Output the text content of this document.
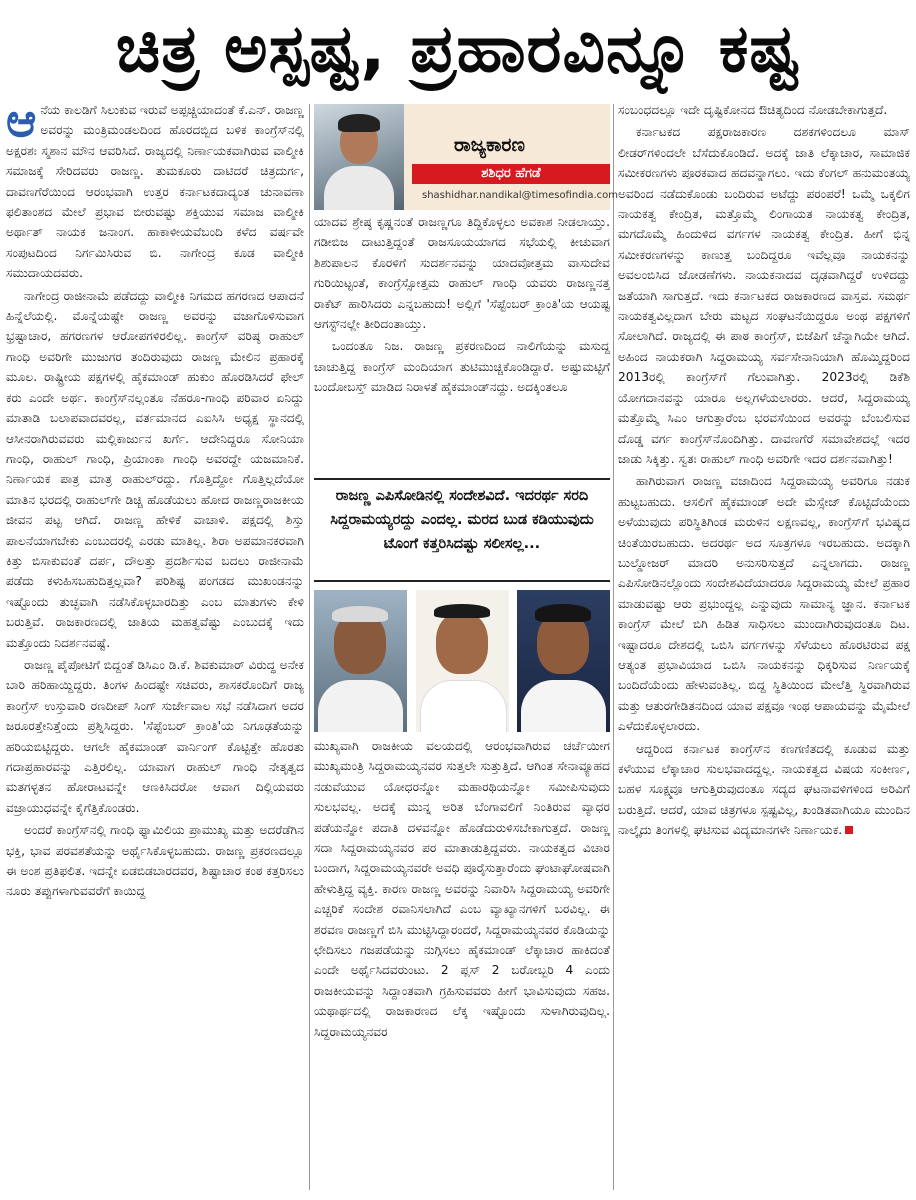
ಚಿತ್ರ ಅಸ್ಪಷ್ಟ, ಪ್ರಹಾರವಿನ್ನೂ ಕಷ್ಟ

ಆನೆಯ ಕಾಲಡಿಗೆ ಸಿಲುಕುವ ಇರುವೆ ಅಪ್ಪಚ್ಚಿಯಾದಂತೆ ಕೆ.ಎನ್. ರಾಜಣ್ಣ ಅವರನ್ನು ಮಂತ್ರಿಮಂಡಲದಿಂದ ಹೊರದಬ್ಬಿದ ಬಳಿಕ ಕಾಂಗ್ರೆಸ್‌ನಲ್ಲಿ ಅಕ್ಷರಶಃ ಸ್ಮಶಾನ ಮೌನ ಆವರಿಸಿದೆ. ರಾಜ್ಯದಲ್ಲಿ ನಿರ್ಣಾಯಕವಾಗಿರುವ ವಾಲ್ಮೀಕಿ ಸಮಾಜಕ್ಕೆ ಸೇರಿದವರು ರಾಜಣ್ಣ. ತುಮಕೂರು ದಾಟಿದರೆ ಚಿತ್ರದುರ್ಗ, ದಾವಣಗೆರೆಯಿಂದ ಆರಂಭವಾಗಿ ಉತ್ತರ ಕರ್ನಾಟಕದಾದ್ಯಂತ ಚುನಾವಣಾ ಫಲಿತಾಂಶದ ಮೇಲೆ ಪ್ರಭಾವ ಬೀರುವಷ್ಟು ಶಕ್ತಿಯುವ ಸಮಾಜ ವಾಲ್ಮೀಕಿ ಅರ್ಥಾತ್ ನಾಯಕ ಜನಾಂಗ. ಹಾಕಾಳೀಯವೆಬಂದಿ ಕಳೆದ ವರ್ಷವೇ ಸಂಪುಟದಿಂದ ನಿರ್ಗಮಿಸಿರುವ ಬಿ. ನಾಗೇಂದ್ರ ಕೂಡ ವಾಲ್ಮೀಕಿ ಸಮುದಾಯದವರು.

ನಾಗೇಂದ್ರ ರಾಜೀನಾಮೆ ಪಡೆದದ್ದು ವಾಲ್ಮೀಕಿ ನಿಗಮದ ಹಗರಣದ ಆಪಾದನೆ ಹಿನ್ನೆಲೆಯಲ್ಲಿ. ಮೊನ್ನೆಯಷ್ಟೇ ರಾಜಣ್ಣ ಅವರನ್ನು ವಜಾಗೊಳಿಸುವಾಗ ಭ್ರಷ್ಟಾಚಾರ, ಹಗರಣಗಳ ಆರೋಪಗಳಿರಲಿಲ್ಲ. ಕಾಂಗ್ರೆಸ್ ವರಿಷ್ಠ ರಾಹುಲ್ ಗಾಂಧಿ ಅವರಿಗೇ ಮುಜುಗರ ತಂದಿರುವುದು ರಾಜಣ್ಣ ಮೇಲಿನ ಪ್ರಹಾರಕ್ಕೆ ಮೂಲ. ರಾಷ್ಟ್ರೀಯ ಪಕ್ಷಗಳಲ್ಲಿ ಹೈಕಮಾಂಡ್ ಹುಕುಂ ಹೊರಡಿಸಿದರೆ ಫೇಲ್ ಕರು ಎಂದೇ ಅರ್ಥ. ಕಾಂಗ್ರೆಸ್‌ನಲ್ಲಂತೂ ನೆಹರೂ-ಗಾಂಧಿ ಪರಿವಾರ ಏನಿದ್ದು ಮಾತಾಡಿ ಬಲಾಪವಾದವರಲ್ಲ, ವರ್ತಮಾನದ ಎಐಸಿಸಿ ಅಧ್ಯಕ್ಷ ಸ್ಥಾನದಲ್ಲಿ ಆಸೀನರಾಗಿರುವವರು ಮಲ್ಲಿಕಾರ್ಜುನ ಖರ್ಗೆ. ಆದೇನಿದ್ದರೂ ಸೋನಿಯಾ ಗಾಂಧಿ, ರಾಹುಲ್ ಗಾಂಧಿ, ಪ್ರಿಯಾಂಕಾ ಗಾಂಧಿ ಅವರದ್ದೇ ಯಜಮಾನಿಕೆ. ನಿರ್ಣಾಯಕ ಪಾತ್ರ ಮಾತ್ರ ರಾಹುಲ್‌ರದ್ದು. ಗೊತ್ತಿದ್ದೋ ಗೊತ್ತಿಲ್ಲದೆಯೋ ಮಾತಿನ ಭರದಲ್ಲಿ ರಾಹುಲ್‌ಗೇ ಡಿಚ್ಚಿ ಹೊಡೆಯಲು ಹೋದ ರಾಜಣ್ಣರಾಜಕೀಯ ಜೀವನ ಪಟ್ಟ ಆಗಿದೆ. ರಾಜಣ್ಣ ಹೇಳಿಕೆ ವಾಚಾಳಿ. ಪಕ್ಷದಲ್ಲಿ ಶಿಸ್ತು ಪಾಲನೆಯಾಗಬೇಕು ಎಂಬುದರಲ್ಲಿ ಎರಡು ಮಾತಿಲ್ಲ. ಶಿರಾ ಅಪಮಾನಕರವಾಗಿ ಕಿತ್ತು ಬಿಸಾಕುವಂತೆ ದರ್ಪ, ದೌಲತ್ತು ಪ್ರದರ್ಶಿಸುವ ಬದಲು ರಾಜೀನಾಮೆ ಪಡೆದು ಕಳುಹಿಸಬಹುದಿತ್ತಲ್ಲವಾ? ಪರಿಶಿಷ್ಟ ಪಂಗಡದ ಮುಖಂಡನನ್ನು ಇಷ್ಟೊಂದು ತುಚ್ಛವಾಗಿ ನಡೆಸಿಕೊಳ್ಳಬಾರದಿತ್ತು ಎಂಬ ಮಾತುಗಳು ಕೇಳಿ ಬರುತ್ತಿವೆ. ರಾಜಕಾರಣದಲ್ಲಿ ಜಾತಿಯ ಮಹತ್ವವೆಷ್ಟು ಎಂಬುದಕ್ಕೆ ಇದು ಮತ್ತೊಂದು ನಿದರ್ಶನವಷ್ಟೆ.

ರಾಜಣ್ಣ ಪೈಪೋಟಿಗೆ ಬಿದ್ದಂತೆ ಡಿಸಿಎಂ ಡಿ.ಕೆ. ಶಿವಕುಮಾರ್ ವಿರುದ್ಧ ಅನೇಕ ಬಾರಿ ಹರಿಹಾಯ್ದಿದ್ದರು. ತಿಂಗಳ ಹಿಂದಷ್ಟೇ ಸಚಿವರು, ಶಾಸಕರೊಂದಿಗೆ ರಾಜ್ಯ ಕಾಂಗ್ರೆಸ್ ಉಸ್ತುವಾರಿ ರಣದೀಪ್ ಸಿಂಗ್ ಸುರ್ಜೇವಾಲ ಸಭೆ ನಡೆಸಿದಾಗ ಅದರ ಜರೂರತ್ತೇನಿತ್ತೆಂದು ಪ್ರಶ್ನಿಸಿದ್ದರು. 'ಸೆಪ್ಟೆಂಬರ್ ಕ್ರಾಂತಿ'ಯ ನಿಗೂಢತೆಯನ್ನು ಹರಿಯಬಿಟ್ಟಿದ್ದರು. ಆಗಲೇ ಹೈಕಮಾಂಡ್ ವಾರ್ನಿಂಗ್ ಕೊಟ್ಟಿತ್ತೇ ಹೊರತು ಗದಾಪ್ರಹಾರವನ್ನು ಎತ್ತಿರಲಿಲ್ಲ. ಯಾವಾಗ ರಾಹುಲ್ ಗಾಂಧಿ ನೇತೃತ್ವದ ಮತಗಳ್ಳತನ ಹೋರಾಟವನ್ನೇ ಆಣಕಿಸಿದರೋ ಆವಾಗ ದಿಲ್ಲಿಯವರು ವಜ್ರಾಯುಧವನ್ನೇ ಕೈಗೆತ್ತಿಕೊಂಡರು.

ಅಂದರೆ ಕಾಂಗ್ರೆಸ್‌ನಲ್ಲಿ ಗಾಂಧಿ ಫ್ಯಾಮಿಲಿಯ ಪ್ರಾಮುಖ್ಯ ಮತ್ತು ಅದರೆಡೆಗಿನ ಭಕ್ತಿ, ಭಾವ ಪರವಶತೆಯನ್ನು ಅರ್ಥೈಸಿಕೊಳ್ಳಬಹುದು. ರಾಜಣ್ಣ ಪ್ರಕರಣದಲ್ಲೂ ಈ ಅಂಶ ಪ್ರತಿಫಲಿತ. ಇದನ್ನೇ ಏಡಬಿಡಬಾರದವರ, ಶಿಷ್ಟಾಚಾರ ಕಂಠ ಕತ್ತರಿಸಲು ನೂರು ತಪ್ಪುಗಳಾಗುವವರೆಗೆ ಕಾಯಿದ್ದ

ರಾಜ್ಯಕಾರಣ
ಶಶಿಧರ ಹೆಗಡೆ
shashidhar.nandikal@timesofindia.com

ಯಾದವ ಶ್ರೇಷ್ಠ ಕೃಷ್ಣನಂತೆ ರಾಜಣ್ಣಗೂ ತಿದ್ದಿಕೊಳ್ಳಲು ಅವಕಾಶ ನೀಡಲಾಯ್ತು. ಗಡೀಬಿಜ ದಾಟುತ್ತಿದ್ದಂತೆ ರಾಜಸೂಯಯಾಗದ ಸಭೆಯಲ್ಲಿ ಕೀಚುವಾಗ ಶಿಶುಪಾಲನ ಕೊರಳಿಗೆ ಸುದರ್ಶನವನ್ನು ಯಾದವೋತ್ತಮ ವಾಸುದೇವ ಗುರಿಯಿಟ್ಟಂತೆ, ಕಾಂಗ್ರೆಸ್ಸೋತ್ತಮ ರಾಹುಲ್ ಗಾಂಧಿ ಯವರು ರಾಜಣ್ಣನತ್ತ ರಾಕೆಟ್ ಹಾರಿಸಿದರು ಎನ್ನಬಹುದು! ಅಲ್ಲಿಗೆ 'ಸೆಪ್ಟೆಂಬರ್ ಕ್ರಾಂತಿ'ಯ ಆಯಷ್ಟ ಆಗಸ್ಟ್‌ನಲ್ಲೇ ತೀರಿದಂತಾಯ್ತು.

ಒಂದಂತೂ ನಿಜ. ರಾಜಣ್ಣ ಪ್ರಕರಣದಿಂದ ನಾಲಿಗೆಯನ್ನು ಮಸುದ್ದ ಚಾಚುತ್ತಿದ್ದ ಕಾಂಗ್ರೆಸ್ ಮಂದಿಯಾಗ ತುಟಿಮುಚ್ಚಿಕೊಂಡಿದ್ದಾರೆ. ಅಷ್ಟುಮಟ್ಟಿಗೆ ಬಂದೋಬಸ್ತ್ ಮಾಡಿದ ನಿರಾಳತೆ ಹೈಕಮಾಂಡ್‌ನದ್ದು. ಅದಕ್ಕಿಂತಲೂ

ರಾಜಣ್ಣ ಎಪಿಸೋಡಿನಲ್ಲಿ ಸಂದೇಶವಿದೆ. ಇದರರ್ಥ ಸರದಿ ಸಿದ್ದರಾಮಯ್ಯರದ್ದು ಎಂದಲ್ಲ. ಮರದ ಬುಡ ಕಡಿಯುವುದು ಟೊಂಗೆ ಕತ್ತರಿಸಿದಷ್ಟು ಸಲೀಸಲ್ಲ...

ಮುಖ್ಯವಾಗಿ ರಾಜಕೀಯ ವಲಯದಲ್ಲಿ ಆರಂಭವಾಗಿರುವ ಚರ್ಚೆಯೀಗ ಮುಖ್ಯಮಂತ್ರಿ ಸಿದ್ದರಾಮಯ್ಯನವರ ಸುತ್ತಲೇ ಸುತ್ತುತ್ತಿದೆ. ಆಗಿಂತ ಸೇನಾವ್ಯೂಹದ ನಡುವೆಯುವ ಯೋಧರನ್ನೋ ಮಹಾರಥಿಯನ್ನೋ ಸಮೀಪಿಸುವುದು ಸುಲಭವಲ್ಲ. ಅದಕ್ಕೆ ಮುನ್ನ ಅರಿತ ಬೆಂಗಾವಲಿಗೆ ನಿಂತಿರುವ ವ್ಯಾಧರ ಪಡೆಯನ್ನೋ ಪದಾತಿ ದಳವನ್ನೋ ಹೊಡೆದುರುಳಿಸಬೇಕಾಗುತ್ತದೆ. ರಾಜಣ್ಣ ಸದಾ ಸಿದ್ದರಾಮಯ್ಯನವರ ಪರ ಮಾತಾಡುತ್ತಿದ್ದವರು. ನಾಯಕತ್ವದ ವಿಚಾರ ಬಂದಾಗ, ಸಿದ್ದರಾಮಯ್ಯನವರೇ ಅವಧಿ ಪೂರೈಸುತ್ತಾರೆಂದು ಘಂಟಾಘೋಷವಾಗಿ ಹೇಳುತ್ತಿದ್ದ ವ್ಯಕ್ತಿ. ಕಾರಣ ರಾಜಣ್ಣ ಅವರನ್ನು ನಿವಾರಿಸಿ ಸಿದ್ದರಾಮಯ್ಯ ಅವರಿಗೇ ಎಚ್ಚರಿಕೆ ಸಂದೇಶ ರವಾನಿಸಲಾಗಿದೆ ಎಂಬ ವ್ಯಾಖ್ಯಾನಗಳಿಗೆ ಬರವಿಲ್ಲ. ಈ ಶರವಣ ರಾಜಣ್ಣಗೆ ಬಿಸಿ ಮುಟ್ಟಿಸಿದ್ದಾರಂದರೆ, ಸಿದ್ದರಾಮಯ್ಯನವರ ಕೊಡಿಯನ್ನು ಛೇದಿಸಲು ಗಜಪಡೆಯನ್ನು ನುಗ್ಗಿಸಲು ಹೈಕಮಾಂಡ್ ಲೆಕ್ಕಾಚಾರ ಹಾಕಿದಂತೆ ಎಂದೇ ಅರ್ಥೈಸಿದವರುಂಟು. 2 ಪ್ಲಸ್ 2 ಬರೋಬ್ಬರಿ 4 ಎಂದು ರಾಜಕೀಯವನ್ನು ಸಿದ್ದಾಂತವಾಗಿ ಗ್ರಹಿಸುವವರು ಹೀಗೆ ಭಾವಿಸುವುದು ಸಹಜ. ಯಥಾರ್ಥದಲ್ಲಿ ರಾಜಕಾರಣದ ಲೆಕ್ಕ ಇಷ್ಟೊಂದು ಸುಳಾಗಿರುವುದಿಲ್ಲ. ಸಿದ್ದರಾಮಯ್ಯನವರ

ಸಂಬಂಧದಲ್ಲೂ ಇದೇ ದೃಷ್ಟಿಕೋನದ ಔಚಿತ್ಯದಿಂದ ನೋಡಬೇಕಾಗುತ್ತದೆ.

ಕರ್ನಾಟಕದ ಪಕ್ಷರಾಜಕಾರಣ ದಶಕಗಳಿಂದಲೂ ಮಾಸ್ ಲೀಡರ್‌ಗಳಿಂದಲೇ ಬೆಸೆದುಕೊಂಡಿದೆ. ಅದಕ್ಕೆ ಜಾತಿ ಲೆಕ್ಕಾಚಾರ, ಸಾಮಾಜಿಕ ಸಮೀಕರಣಗಳು ಪೂರಕವಾದ ಹದವನ್ನಾಗಲು. ಇದು ಕೆಂಗಲ್ ಹನುಮಂತಯ್ಯ ಅವರಿಂದ ನಡೆದುಕೊಂಡು ಬಂದಿರುವ ಅಟೆದ್ದು ಪರಂಪರೆ! ಒಮ್ಮೆ ಒಕ್ಕಲಿಗ ನಾಯಕತ್ವ ಕೇಂದ್ರಿತ, ಮತ್ತೊಮ್ಮೆ ಲಿಂಗಾಯತ ನಾಯಕತ್ವ ಕೇಂದ್ರಿತ, ಮಗದೊಮ್ಮೆ ಹಿಂದುಳಿದ ವರ್ಗಗಳ ನಾಯಕತ್ವ ಕೇಂದ್ರಿತ. ಹೀಗೆ ಭಿನ್ನ ಸಮೀಕರಣಗಳನ್ನು ಕಾಣುತ್ತ ಬಂದಿದ್ದರೂ ಇವೆಲ್ಲವೂ ನಾಯಕನನ್ನು ಅವಲಂಬಿಸಿದ ಜೋಡಣೆಗಳು. ನಾಯಕನಾದವ ದೃಢವಾಗಿದ್ದರೆ ಉಳಿದದ್ದು ಜತೆಯಾಗಿ ಸಾಗುತ್ತದೆ. ಇದು ಕರ್ನಾಟಕದ ರಾಜಕಾರಣದ ವಾಸ್ತವ. ಸಮರ್ಥ ನಾಯಕತ್ವವಿಲ್ಲದಾಗ ಬೇರು ಮಟ್ಟದ ಸಂಘಟನೆಯಿದ್ದರೂ ಅಂಥ ಪಕ್ಷಗಳಿಗೆ ಸೋಲಾಗಿದೆ. ರಾಜ್ಯದಲ್ಲಿ ಈ ಪಾಠ ಕಾಂಗ್ರೆಸ್, ಬಿಜೆಪಿಗೆ ಚೆನ್ನಾಗಿಯೇ ಆಗಿದೆ. ಅಹಿಂದ ನಾಯಕರಾಗಿ ಸಿದ್ದರಾಮಯ್ಯ ಸರ್ವಸೇನಾನಿಯಾಗಿ ಹೊಮ್ಮಿದ್ದರಿಂದ 2013ರಲ್ಲಿ ಕಾಂಗ್ರೆಸ್‌ಗೆ ಗೆಲುವಾಗಿತ್ತು. 2023ರಲ್ಲಿ ಡಿಕೆಶಿ ಯೋಗದಾನವನ್ನು ಯಾರೂ ಅಲ್ಲಗಳೆಯಲಾರರು. ಆದರೆ, ಸಿದ್ದರಾಮಯ್ಯ ಮತ್ತೊಮ್ಮೆ ಸಿಎಂ ಆಗುತ್ತಾರೆಂಬ ಭರವಸೆಯಿಂದ ಅವರನ್ನು ಬೆಂಬಲಿಸುವ ದೊಡ್ಡ ವರ್ಗ ಕಾಂಗ್ರೆಸ್‌ನೊಂದಿಗಿತ್ತು. ದಾವಣಗೆರೆ ಸಮಾವೇಶದಲ್ಲೆ ಇದರ ಜಾಡು ಸಿಕ್ಕಿತ್ತು. ಸ್ವತಃ ರಾಹುಲ್ ಗಾಂಧಿ ಅವರಿಗೇ ಇದರ ದರ್ಶನವಾಗಿತ್ತು!

ಹಾಗಿರುವಾಗ ರಾಜಣ್ಣ ವಜಾದಿಂದ ಸಿದ್ದರಾಮಯ್ಯ ಅವರಿಗೂ ನಡುಕ ಹುಟ್ಟಬಹುದು. ಆಸಲಿಗೆ ಹೈಕಮಾಂಡ್ ಅದೇ ಮೆಸ್ಸೇಜ್ ಕೊಟ್ಟಿದೆಯೆಂದು ಅಳೆಯುವುದು ಪರಿಸ್ಥಿತಿಗಿಂಡ ಮರುಳಿನ ಲಕ್ಷಣವಲ್ಲ, ಕಾಂಗ್ರೆಸ್‌ಗೆ ಭವಿಷ್ಯದ ಚಿಂತೆಯಿರಬಹುದು. ಅದರರ್ಥ ಅದ ಸೂತ್ರಗಳೂ ಇರಬಹುದು. ಅದಕ್ಕಾಗಿ ಬುಲ್ಡೋಜರ್ ಮಾದರಿ ಅನುಸರಿಸುತ್ತದೆ ಎನ್ನಲಾಗದು. ರಾಜಣ್ಣ ಎಪಿಸೋಡಿನಲ್ಲೊಂದು ಸಂದೇಶವಿದೆಯಾದರೂ ಸಿದ್ದರಾಮಯ್ಯ ಮೇಲೆ ಪ್ರಹಾರ ಮಾಡುವಷ್ಟು ಆರು ಪ್ರಭುಂದ್ದಲ್ಲ ಎನ್ನುವುದು ಸಾಮಾನ್ಯ ಜ್ಞಾನ. ಕರ್ನಾಟಕ ಕಾಂಗ್ರೆಸ್ ಮೇಲೆ ಬಿಗಿ ಹಿಡಿತ ಸಾಧಿಸಲು ಮುಂದಾಗಿರುವುದಂತೂ ದಿಟ. ಇಷ್ಟಾದರೂ ದೇಶದಲ್ಲಿ ಒಬಿಸಿ ವರ್ಗಗಳನ್ನು ಸೆಳೆಯಲು ಹೊರಟಿರುವ ಪಕ್ಷ ಆತ್ಯಂತ ಪ್ರಭಾವಿಯಾದ ಒಬಿಸಿ ನಾಯಕನನ್ನು ಧಿಕ್ಕರಿಸುವ ನಿರ್ಣಯಕ್ಕೆ ಬಂದಿದೆಯೆಂದು ಹೇಳುವಂತಿಲ್ಲ. ಬಿದ್ದ ಸ್ಥಿತಿಯಿಂದ ಮೇಲೆತ್ತಿ ಸ್ಥಿರವಾಗಿರುವ ಮತ್ತು ಆತುರಗೇಡಿತನದಿಂದ ಯಾವ ಪಕ್ಷವೂ ಇಂಥ ಆಪಾಯವನ್ನು ಮೈಮೇಲೆ ಎಳೆದುಕೊಳ್ಳಲಾರದು.

ಆದ್ದರಿಂದ ಕರ್ನಾಟಕ ಕಾಂಗ್ರೆಸ್‌ನ ಕಣಗಣಿತದಲ್ಲಿ ಕೂಡುವ ಮತ್ತು ಕಳೆಯುವ ಲೆಕ್ಕಾಚಾರ ಸುಲಭವಾದದ್ದಲ್ಲ. ನಾಯಕತ್ವದ ವಿಷಯ ಸಂಕೀರ್ಣ, ಬಹಳ ಸೂಕ್ಷ್ಮವೂ ಆಗುತ್ತಿರುವುದಂತೂ ಸದ್ಯದ ಘಟನಾವಳಿಗಳಿಂದ ಅರಿವಿಗೆ ಬರುತ್ತಿದೆ. ಆದರೆ, ಯಾವ ಚಿತ್ರಗಳೂ ಸ್ಪಷ್ಟವಿಲ್ಲ, ಖಂಡಿತವಾಗಿಯೂ ಮುಂದಿನ ನಾಲ್ಕೈದು ತಿಂಗಳಲ್ಲಿ ಘಟಿಸುವ ವಿದ್ಯಮಾನಗಳೇ ನಿರ್ಣಾಯಕ.
